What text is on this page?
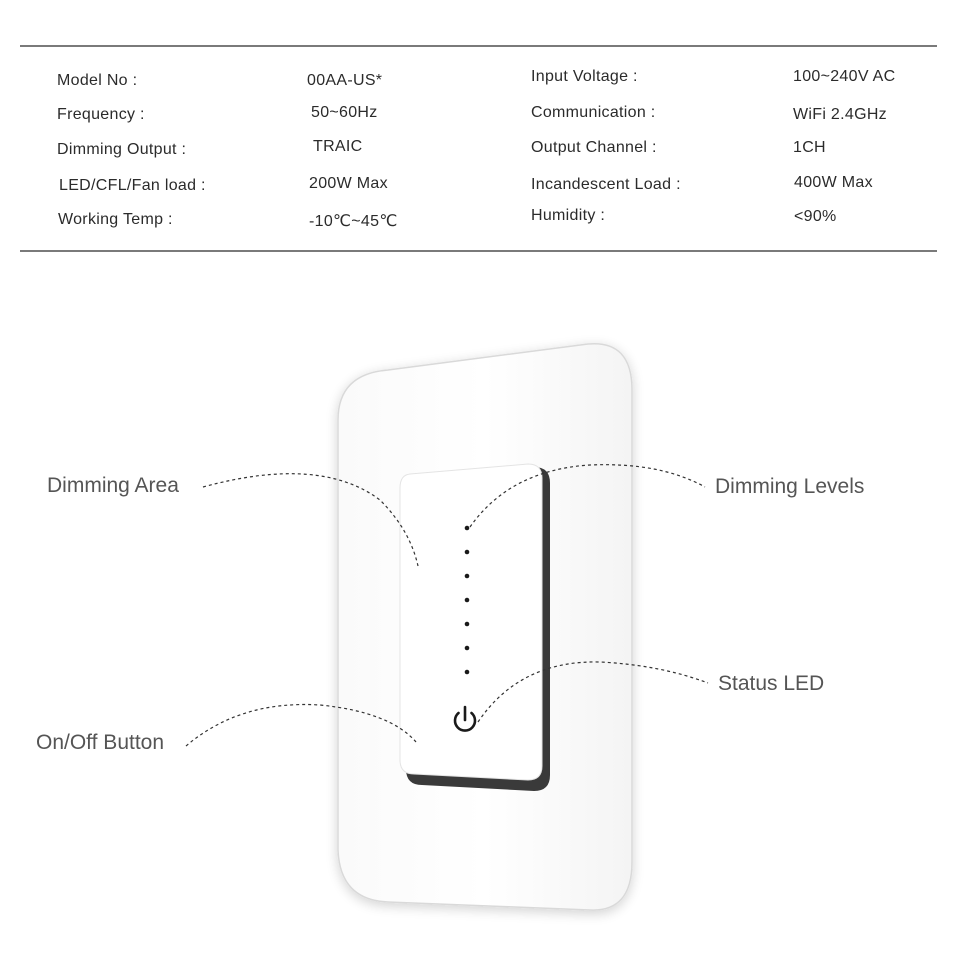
Model No :	00AA-US*	Input Voltage :	100~240V AC
Frequency :	50~60Hz	Communication :	WiFi 2.4GHz
Dimming Output :	TRAIC	Output Channel :	1CH
LED/CFL/Fan load :	200W Max	Incandescent Load :	400W Max
Working Temp :	-10℃~45℃	Humidity :	<90%
Dimming Area	Dimming Levels
Status LED
On/Off Button
